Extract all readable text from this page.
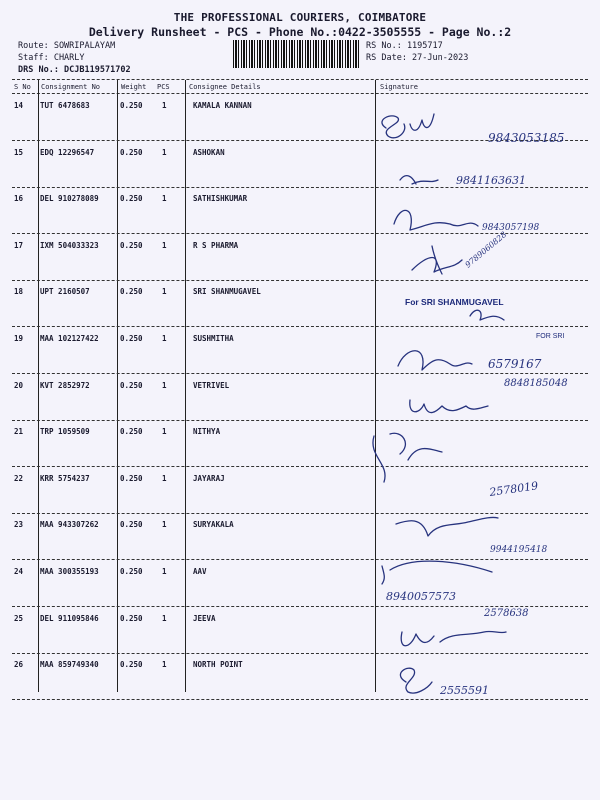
THE PROFESSIONAL COURIERS, COIMBATORE
Delivery Runsheet - PCS - Phone No.:0422-3505555 - Page No.:2
Route: SOWRIPALAYAM
Staff: CHARLY
DRS No.: DCJB119571702
RS No.: 1195717
RS Date: 27-Jun-2023
S No Consignment No	Weight PCS	Consignee Details	Signature
14 TUT 6478683	0.250	1	KAMALA KANNAN
15 EDQ 12296547	0.250	1	ASHOKAN
16 DEL 910278089	0.250	1	SATHISHKUMAR
17 IXM 504033323	0.250	1	R S PHARMA
18 UPT 2160507	0.250	1	SRI SHANMUGAVEL
19 MAA 102127422	0.250	1	SUSHMITHA
20 KVT 2852972	0.250	1	VETRIVEL
21 TRP 1059509	0.250	1	NITHYA
22 KRR 5754237	0.250	1	JAYARAJ
23 MAA 943307262	0.250	1	SURYAKALA
24 MAA 300355193	0.250	1	AAV
25 DEL 911095846	0.250	1	JEEVA
26 MAA 859749340	0.250	1	NORTH POINT
9843053185
9841163631
9843057198
9789060828
6579167
8848185048
2578019
9944195418
8940057573
2578638
2555591
For SRI SHANMUGAVEL
FOR SRI
